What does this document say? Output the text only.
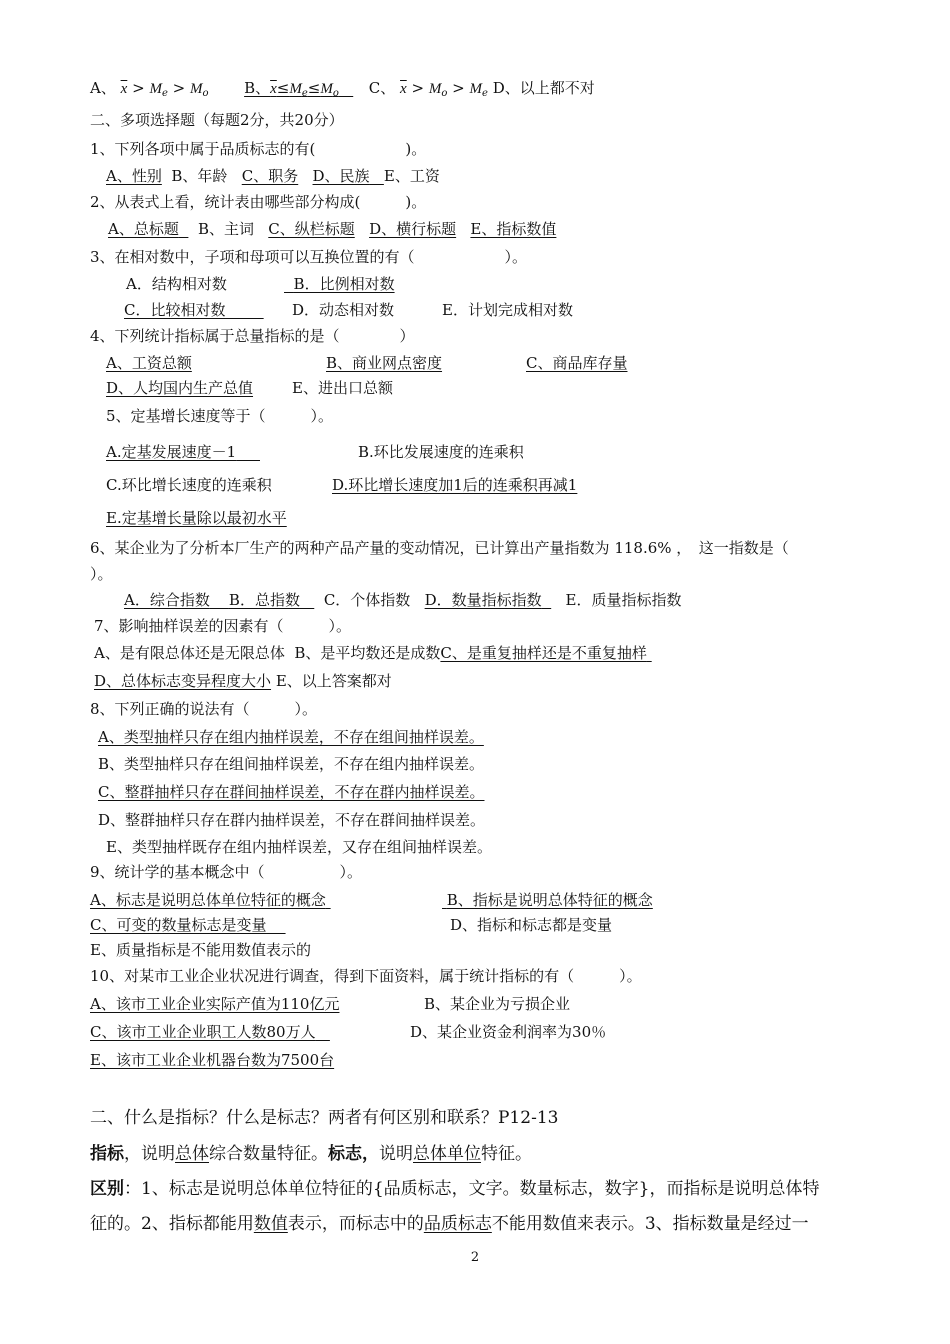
A、 $\overline{x} > M_e > M_o$ B、$x\le M_e\le M_o$ C、 $\overline{x} > M_o > M_e$ D、以上都不对
二、多项选择题（每题2分，共20分）
1、下列各项中属于品质标志的有(　　　　　　)。
A、性别 B、年龄 C、职务 D、民族 E、工资
2、从表式上看，统计表由哪些部分构成(　　　)。
A、总标题 B、主词 C、纵栏标题 D、横行标题 E、指标数值
3、在相对数中，子项和母项可以互换位置的有（　　　　　　）。
A．结构相对数	B．比例相对数
C．比较相对数	D．动态相对数	E．计划完成相对数
4、下列统计指标属于总量指标的是（　　　　）
A、工资总额	B、商业网点密度	C、商品库存量
D、人均国内生产总值	E、进出口总额
5、定基增长速度等于（　　　）。
A.定基发展速度－1	B.环比发展速度的连乘积
C.环比增长速度的连乘积	D.环比增长速度加1后的连乘积再减1
E.定基增长量除以最初水平
6、某企业为了分析本厂生产的两种产品产量的变动情况，已计算出产量指数为 118.6% ，　这一指数是（
）。
A．综合指数 B．总指数 C．个体指数 D．数量指标指数 E．质量指标指数
7、影响抽样误差的因素有（　　　）。
A、是有限总体还是无限总体 B、是平均数还是成数C、是重复抽样还是不重复抽样
D、总体标志变异程度大小 E、以上答案都对
8、下列正确的说法有（　　　）。
A、类型抽样只存在组内抽样误差，不存在组间抽样误差。
B、类型抽样只存在组间抽样误差，不存在组内抽样误差。
C、整群抽样只存在群间抽样误差，不存在群内抽样误差。
D、整群抽样只存在群内抽样误差，不存在群间抽样误差。
E、类型抽样既存在组内抽样误差，又存在组间抽样误差。
9、统计学的基本概念中（　　　　　）。
A、标志是说明总体单位特征的概念	B、指标是说明总体特征的概念
C、可变的数量标志是变量	D、指标和标志都是变量
E、质量指标是不能用数值表示的
10、对某市工业企业状况进行调查，得到下面资料，属于统计指标的有（　　　）。
A、该市工业企业实际产值为110亿元	B、某企业为亏损企业
C、该市工业企业职工人数80万人	D、某企业资金利润率为30％
E、该市工业企业机器台数为7500台
二、什么是指标？什么是标志？两者有何区别和联系？P12-13
指标，说明总体综合数量特征。标志，说明总体单位特征。
区别：1、标志是说明总体单位特征的{品质标志，文字。数量标志，数字}，而指标是说明总体特
征的。2、指标都能用数值表示，而标志中的品质标志不能用数值来表示。3、指标数量是经过一
2
